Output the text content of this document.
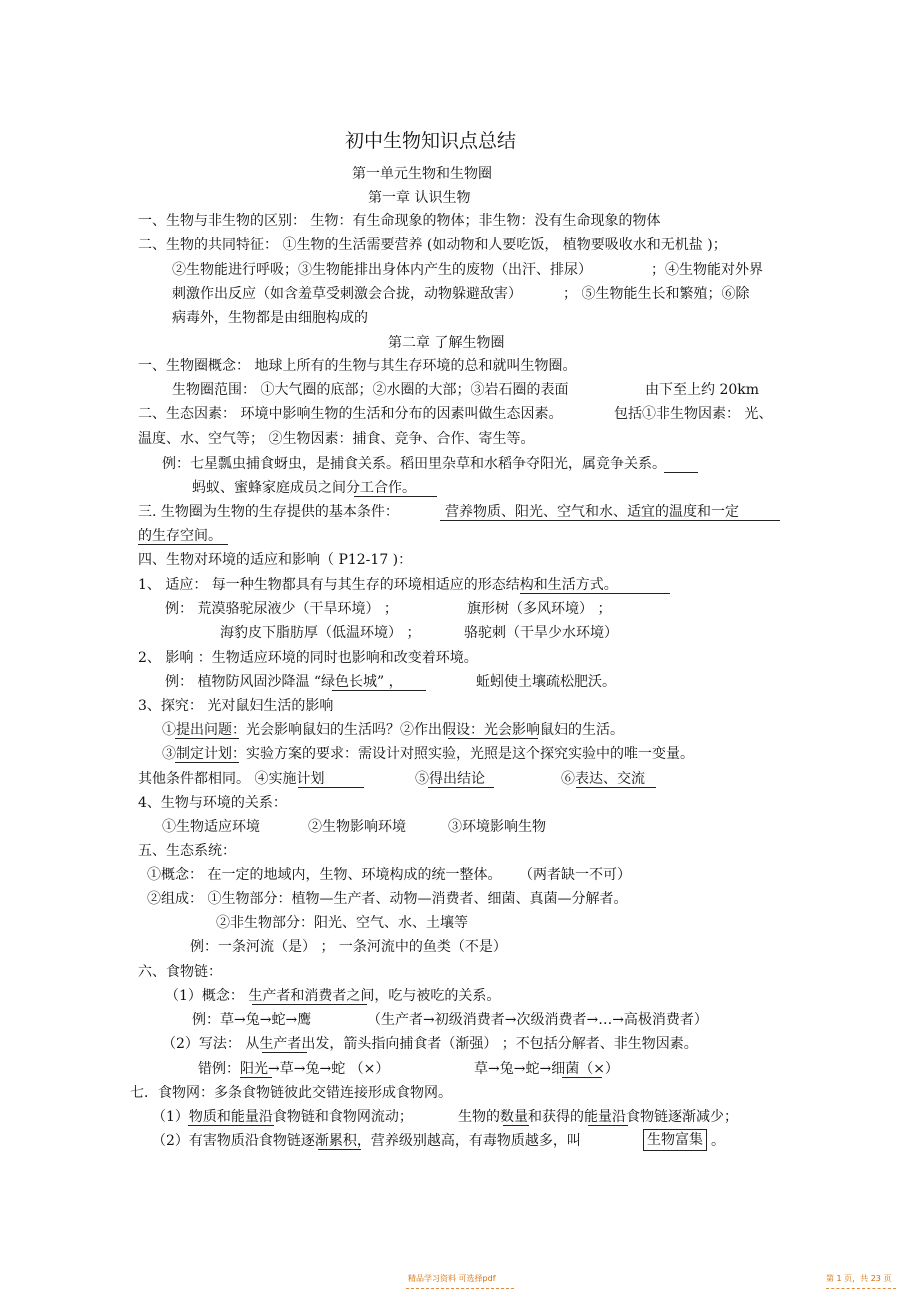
初中生物知识点总结
第一单元生物和生物圈
第一章 认识生物
一、生物与非生物的区别： 生物：有生命现象的物体；非生物：没有生命现象的物体
二、生物的共同特征： ①生物的生活需要营养 (如动物和人要吃饭， 植物要吸收水和无机盐 )；
②生物能进行呼吸；③生物能排出身体内产生的废物（出汗、排尿）	；④生物能对外界
刺激作出反应（如含羞草受刺激会合拢，动物躲避敌害）	； ⑤生物能生长和繁殖；⑥除
病毒外，生物都是由细胞构成的
第二章 了解生物圈
一、生物圈概念： 地球上所有的生物与其生存环境的总和就叫生物圈。
生物圈范围： ①大气圈的底部；②水圈的大部；③岩石圈的表面	由下至上约 20km
二、生态因素： 环境中影响生物的生活和分布的因素叫做生态因素。	包括①非生物因素： 光、
温度、水、空气等； ②生物因素：捕食、竞争、合作、寄生等。
例：七星瓢虫捕食蚜虫，是捕食关系。稻田里杂草和水稻争夺阳光，属竞争关系。
蚂蚁、蜜蜂家庭成员之间分工合作。
三. 生物圈为生物的生存提供的基本条件：	营养物质、阳光、空气和水、适宜的温度和一定
的生存空间。
四、生物对环境的适应和影响（ P12-17 )：
1、 适应： 每一种生物都具有与其生存的环境相适应的形态结构和生活方式。
例： 荒漠骆驼尿液少（干旱环境） ；	旗形树（多风环境） ；
海豹皮下脂肪厚（低温环境） ；	骆驼刺（干旱少水环境）
2、 影响 ：生物适应环境的同时也影响和改变着环境。
例： 植物防风固沙降温 “绿色长城” ，	蚯蚓使土壤疏松肥沃。
3、探究： 光对鼠妇生活的影响
①提出问题：光会影响鼠妇的生活吗？②作出假设：光会影响鼠妇的生活。
③制定计划：实验方案的要求：需设计对照实验，光照是这个探究实验中的唯一变量。
其他条件都相同。 ④实施计划	⑤得出结论	⑥表达、交流
4、生物与环境的关系：
①生物适应环境	②生物影响环境	③环境影响生物
五、生态系统：
①概念： 在一定的地域内，生物、环境构成的统一整体。 （两者缺一不可）
②组成： ①生物部分：植物—生产者、动物—消费者、细菌、真菌—分解者。
②非生物部分：阳光、空气、水、土壤等
例：一条河流（是） ； 一条河流中的鱼类（不是）
六、食物链：
（1）概念： 生产者和消费者之间，吃与被吃的关系。
例：草→兔→蛇→鹰	（生产者→初级消费者→次级消费者→…→高极消费者）
（2）写法： 从生产者出发，箭头指向捕食者（渐强） ；不包括分解者、非生物因素。
错例：阳光→草→兔→蛇 （×）	草→兔→蛇→细菌（×）
七．食物网：多条食物链彼此交错连接形成食物网。
（1）物质和能量沿食物链和食物网流动；	生物的数量和获得的能量沿食物链逐渐减少；
（2）有害物质沿食物链逐渐累积，营养级别越高，有毒物质越多，叫	生物富集 。
精品学习资料 可选择pdf	第 1 页，共 23 页
